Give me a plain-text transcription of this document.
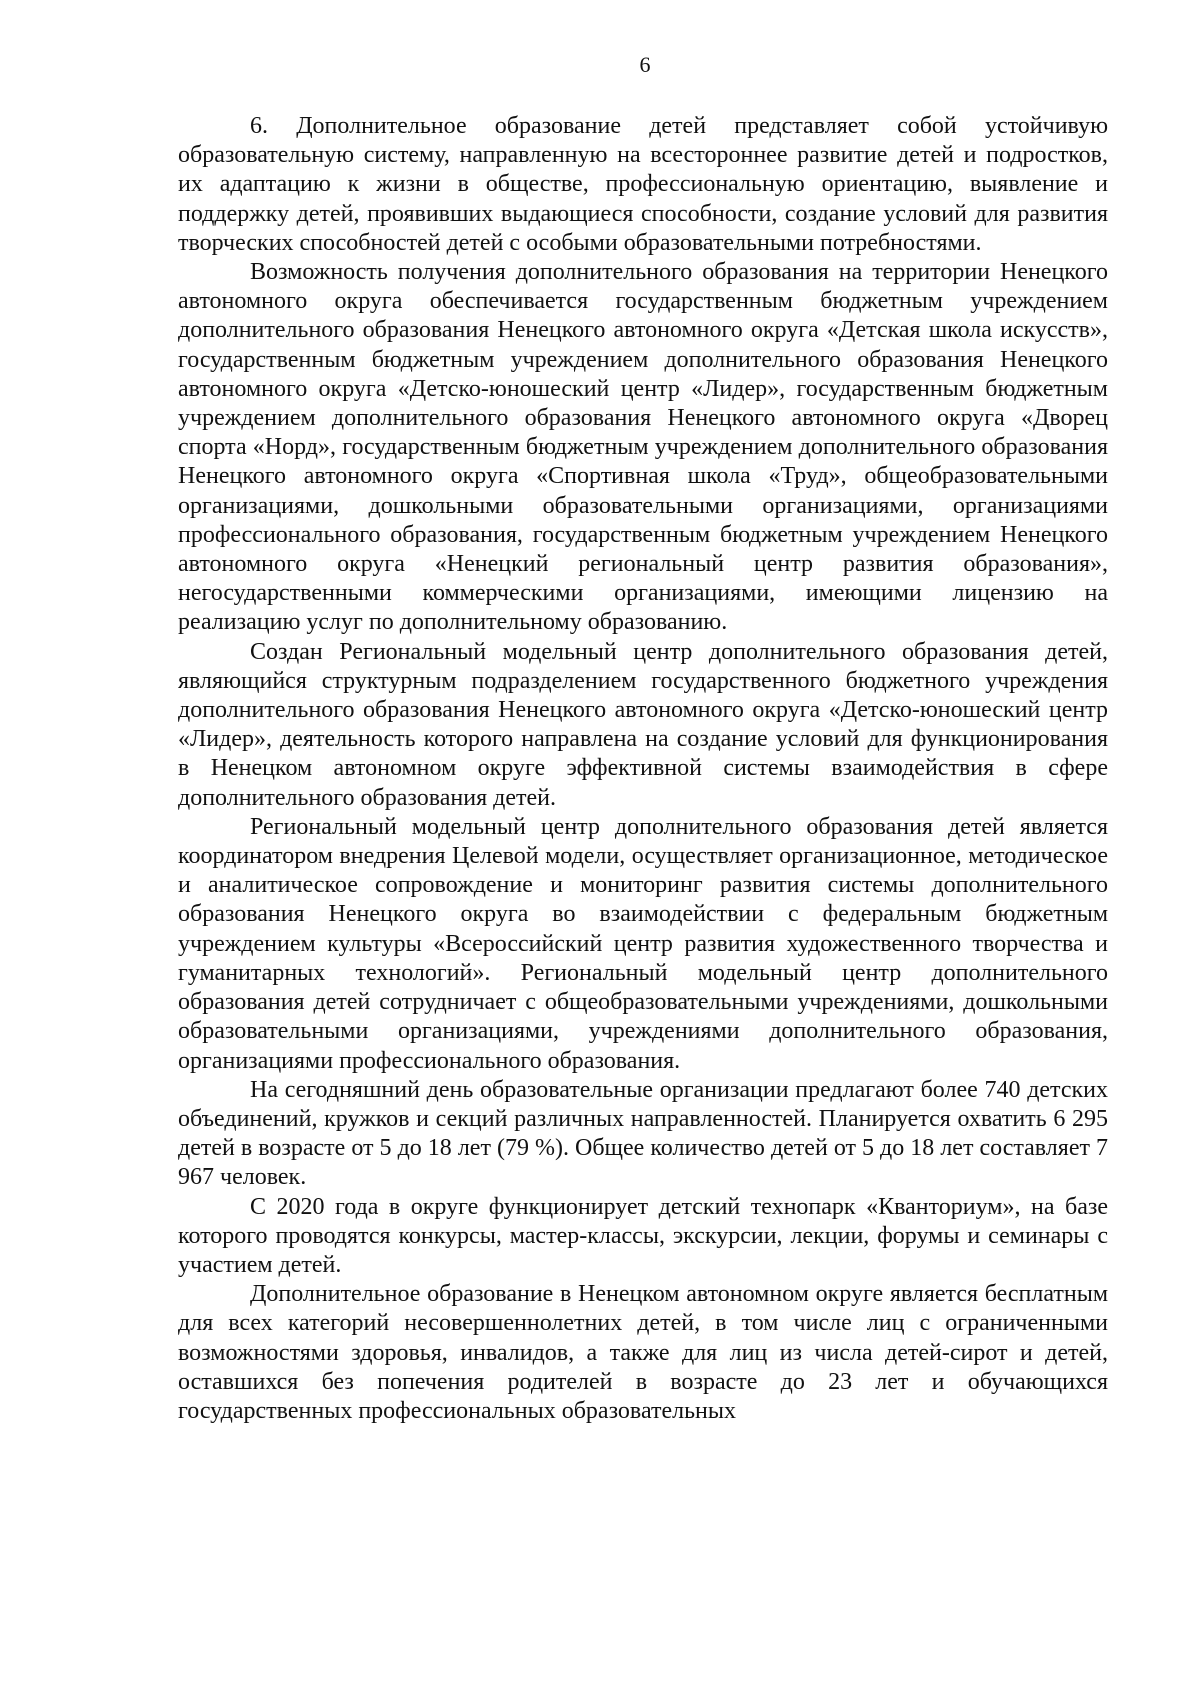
6

6. Дополнительное образование детей представляет собой устойчивую образовательную систему, направленную на всестороннее развитие детей и подростков, их адаптацию к жизни в обществе, профессиональную ориентацию, выявление и поддержку детей, проявивших выдающиеся способности, создание условий для развития творческих способностей детей с особыми образовательными потребностями.

Возможность получения дополнительного образования на территории Ненецкого автономного округа обеспечивается государственным бюджетным учреждением дополнительного образования Ненецкого автономного округа «Детская школа искусств», государственным бюджетным учреждением дополнительного образования Ненецкого автономного округа «Детско-юношеский центр «Лидер», государственным бюджетным учреждением дополнительного образования Ненецкого автономного округа «Дворец спорта «Норд», государственным бюджетным учреждением дополнительного образования Ненецкого автономного округа «Спортивная школа «Труд», общеобразовательными организациями, дошкольными образовательными организациями, организациями профессионального образования, государственным бюджетным учреждением Ненецкого автономного округа «Ненецкий региональный центр развития образования», негосударственными коммерческими организациями, имеющими лицензию на реализацию услуг по дополнительному образованию.

Создан Региональный модельный центр дополнительного образования детей, являющийся структурным подразделением государственного бюджетного учреждения дополнительного образования Ненецкого автономного округа «Детско-юношеский центр «Лидер», деятельность которого направлена на создание условий для функционирования в Ненецком автономном округе эффективной системы взаимодействия в сфере дополнительного образования детей.

Региональный модельный центр дополнительного образования детей является координатором внедрения Целевой модели, осуществляет организационное, методическое и аналитическое сопровождение и мониторинг развития системы дополнительного образования Ненецкого округа во взаимодействии с федеральным бюджетным учреждением культуры «Всероссийский центр развития художественного творчества и гуманитарных технологий». Региональный модельный центр дополнительного образования детей сотрудничает с общеобразовательными учреждениями, дошкольными образовательными организациями, учреждениями дополнительного образования, организациями профессионального образования.

На сегодняшний день образовательные организации предлагают более 740 детских объединений, кружков и секций различных направленностей. Планируется охватить 6 295 детей в возрасте от 5 до 18 лет (79 %). Общее количество детей от 5 до 18 лет составляет 7 967 человек.

С 2020 года в округе функционирует детский технопарк «Кванториум», на базе которого проводятся конкурсы, мастер-классы, экскурсии, лекции, форумы и семинары с участием детей.

Дополнительное образование в Ненецком автономном округе является бесплатным для всех категорий несовершеннолетних детей, в том числе лиц с ограниченными возможностями здоровья, инвалидов, а также для лиц из числа детей-сирот и детей, оставшихся без попечения родителей в возрасте до 23 лет и обучающихся государственных профессиональных образовательных
